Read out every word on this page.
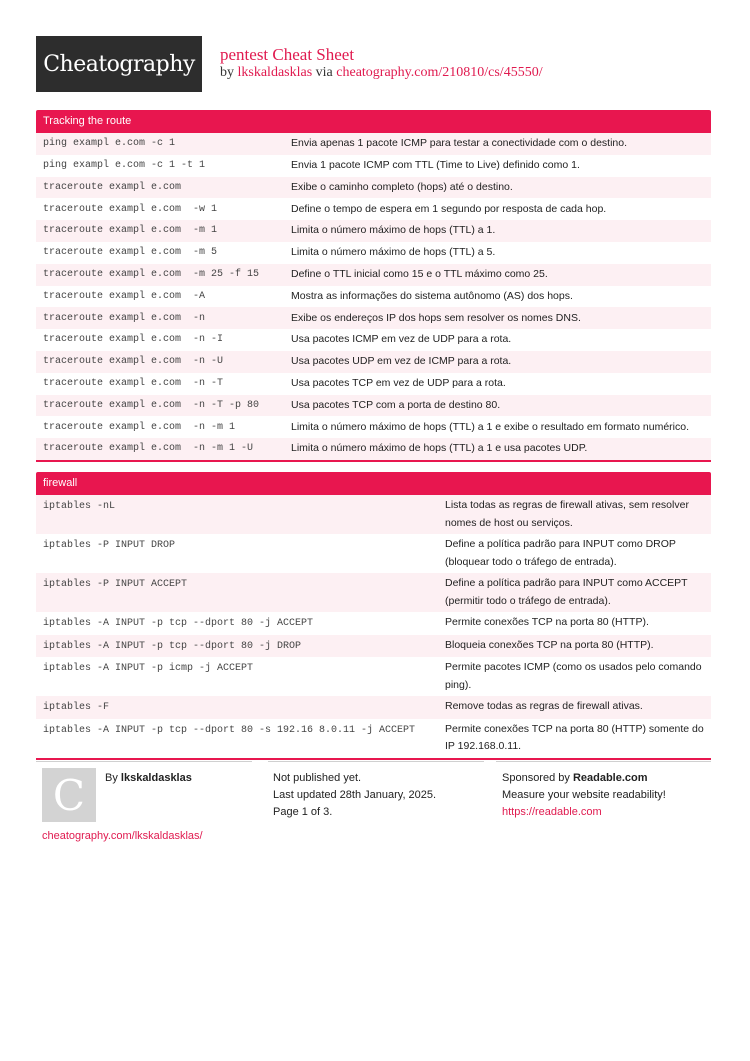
Cheatography pentest Cheat Sheet
by lkskaldasklas via cheatography.com/210810/cs/45550/
Tracking the route
ping exampl e.com -c 1	Envia apenas 1 pacote ICMP para testar a conectividade com o destino.
ping exampl e.com -c 1 -t 1	Envia 1 pacote ICMP com TTL (Time to Live) definido como 1.
traceroute exampl e.com	Exibe o caminho completo (hops) até o destino.
traceroute exampl e.com  -w 1	Define o tempo de espera em 1 segundo por resposta de cada hop.
traceroute exampl e.com  -m 1	Limita o número máximo de hops (TTL) a 1.
traceroute exampl e.com  -m 5	Limita o número máximo de hops (TTL) a 5.
traceroute exampl e.com  -m 25 -f 15	Define o TTL inicial como 15 e o TTL máximo como 25.
traceroute exampl e.com  -A	Mostra as informações do sistema autônomo (AS) dos hops.
traceroute exampl e.com  -n	Exibe os endereços IP dos hops sem resolver os nomes DNS.
traceroute exampl e.com  -n -I	Usa pacotes ICMP em vez de UDP para a rota.
traceroute exampl e.com  -n -U	Usa pacotes UDP em vez de ICMP para a rota.
traceroute exampl e.com  -n -T	Usa pacotes TCP em vez de UDP para a rota.
traceroute exampl e.com  -n -T -p 80	Usa pacotes TCP com a porta de destino 80.
traceroute exampl e.com  -n -m 1	Limita o número máximo de hops (TTL) a 1 e exibe o resultado em formato numérico.
traceroute exampl e.com  -n -m 1 -U	Limita o número máximo de hops (TTL) a 1 e usa pacotes UDP.
firewall
iptables -nL	Lista todas as regras de firewall ativas, sem resolver nomes de host ou serviços.
iptables -P INPUT DROP	Define a política padrão para INPUT como DROP (bloquear todo o tráfego de entrada).
iptables -P INPUT ACCEPT	Define a política padrão para INPUT como ACCEPT (permitir todo o tráfego de entrada).
iptables -A INPUT -p tcp --dport 80 -j ACCEPT	Permite conexões TCP na porta 80 (HTTP).
iptables -A INPUT -p tcp --dport 80 -j DROP	Bloqueia conexões TCP na porta 80 (HTTP).
iptables -A INPUT -p icmp -j ACCEPT	Permite pacotes ICMP (como os usados pelo comando ping).
iptables -F	Remove todas as regras de firewall ativas.
iptables -A INPUT -p tcp --dport 80 -s 192.16 8.0.11 -j ACCEPT	Permite conexões TCP na porta 80 (HTTP) somente do IP 192.168.0.11.
C By lkskaldasklas
cheatography.com/lkskaldasklas/
Not published yet.
Last updated 28th January, 2025.
Page 1 of 3.
Sponsored by Readable.com
Measure your website readability!
https://readable.com
